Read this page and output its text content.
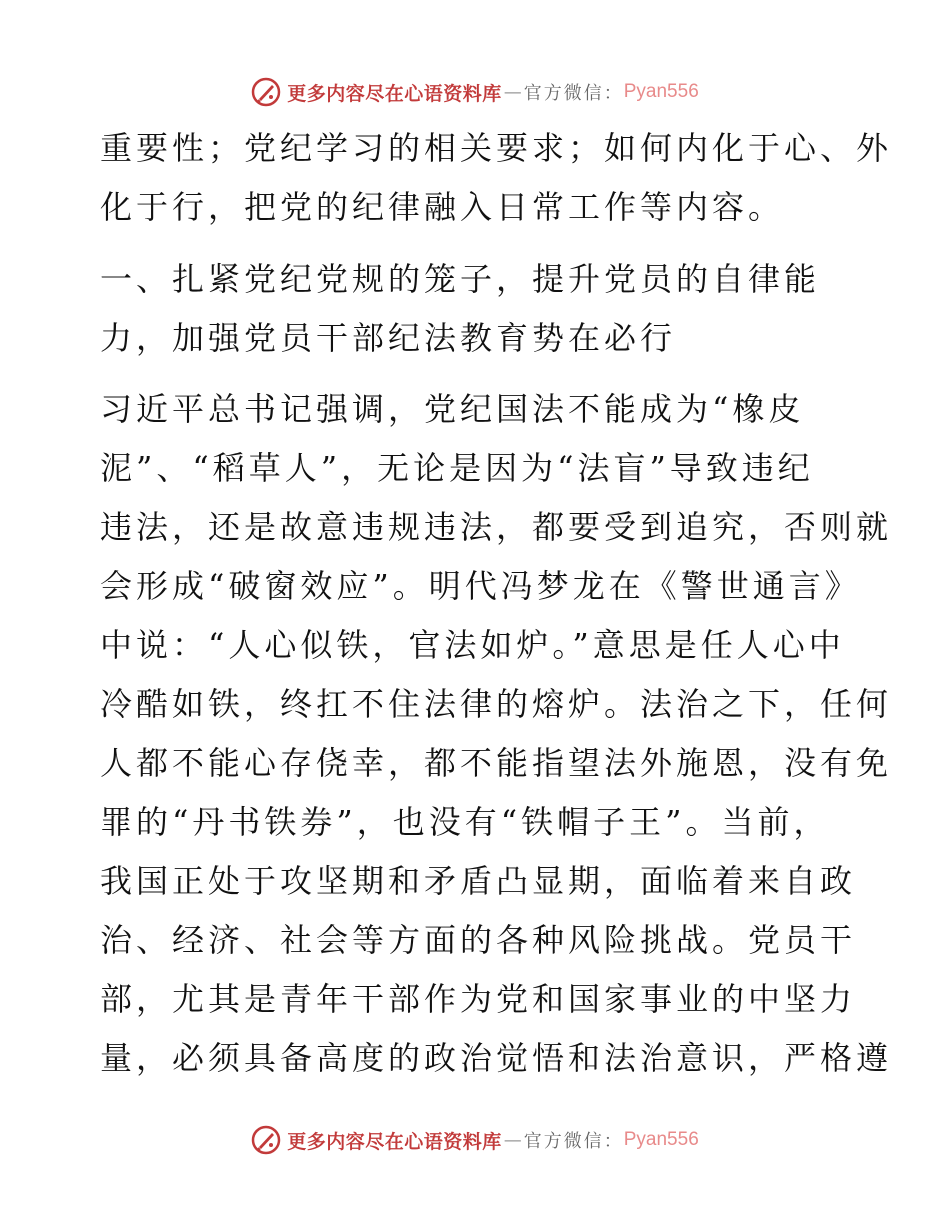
更多内容尽在心语资料库 — 官方微信： Pyan556
重要性；党纪学习的相关要求；如何内化于心、外
化于行，把党的纪律融入日常工作等内容。
一、扎紧党纪党规的笼子，提升党员的自律能
力，加强党员干部纪法教育势在必行
习近平总书记强调，党纪国法不能成为“橡皮
泥”、“稻草人”，无论是因为“法盲”导致违纪
违法，还是故意违规违法，都要受到追究，否则就
会形成“破窗效应”。明代冯梦龙在《警世通言》
中说：“人心似铁，官法如炉。”意思是任人心中
冷酷如铁，终扛不住法律的熔炉。法治之下，任何
人都不能心存侥幸，都不能指望法外施恩，没有免
罪的“丹书铁券”，也没有“铁帽子王”。当前，
我国正处于攻坚期和矛盾凸显期，面临着来自政
治、经济、社会等方面的各种风险挑战。党员干
部，尤其是青年干部作为党和国家事业的中坚力
量，必须具备高度的政治觉悟和法治意识，严格遵
更多内容尽在心语资料库 — 官方微信： Pyan556
